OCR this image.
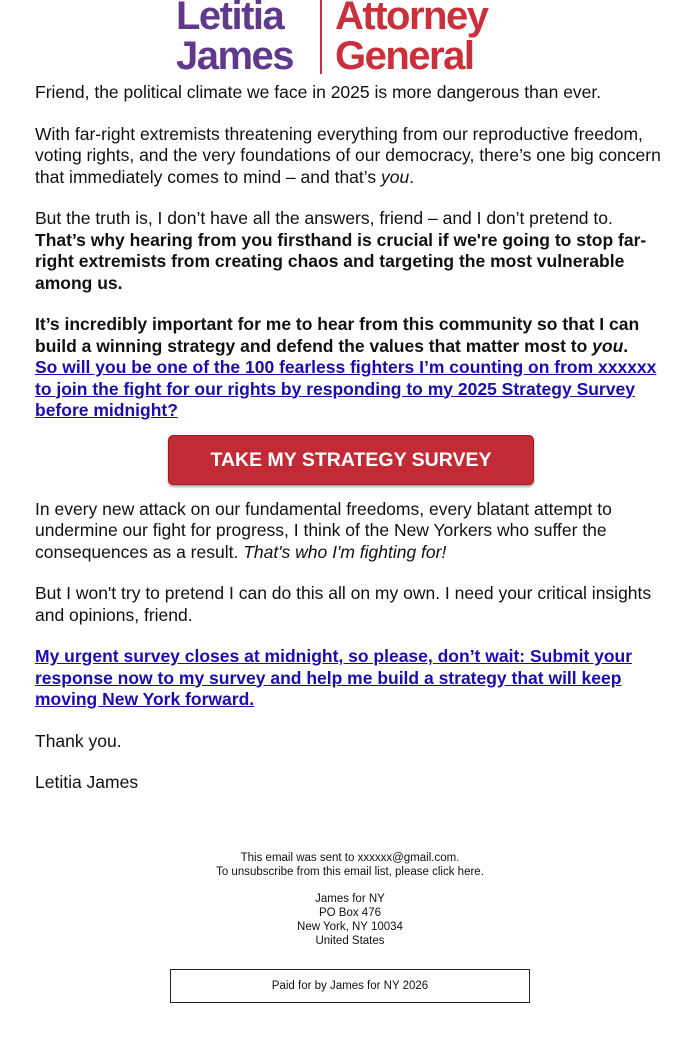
Letitia
James
Attorney
General

Friend, the political climate we face in 2025 is more dangerous than ever.

With far-right extremists threatening everything from our reproductive freedom, voting rights, and the very foundations of our democracy, there’s one big concern that immediately comes to mind – and that’s you.

But the truth is, I don’t have all the answers, friend – and I don’t pretend to. That’s why hearing from you firsthand is crucial if we're going to stop far-right extremists from creating chaos and targeting the most vulnerable among us.

It’s incredibly important for me to hear from this community so that I can build a winning strategy and defend the values that matter most to you.
So will you be one of the 100 fearless fighters I’m counting on from xxxxxx to join the fight for our rights by responding to my 2025 Strategy Survey before midnight?

TAKE MY STRATEGY SURVEY

In every new attack on our fundamental freedoms, every blatant attempt to undermine our fight for progress, I think of the New Yorkers who suffer the consequences as a result. That's who I'm fighting for!

But I won't try to pretend I can do this all on my own. I need your critical insights and opinions, friend.

My urgent survey closes at midnight, so please, don’t wait: Submit your response now to my survey and help me build a strategy that will keep moving New York forward.

Thank you.

Letitia James

This email was sent to xxxxxx@gmail.com.

To unsubscribe from this email list, please click here.

James for NY

PO Box 476

New York, NY 10034

United States

Paid for by James for NY 2026
